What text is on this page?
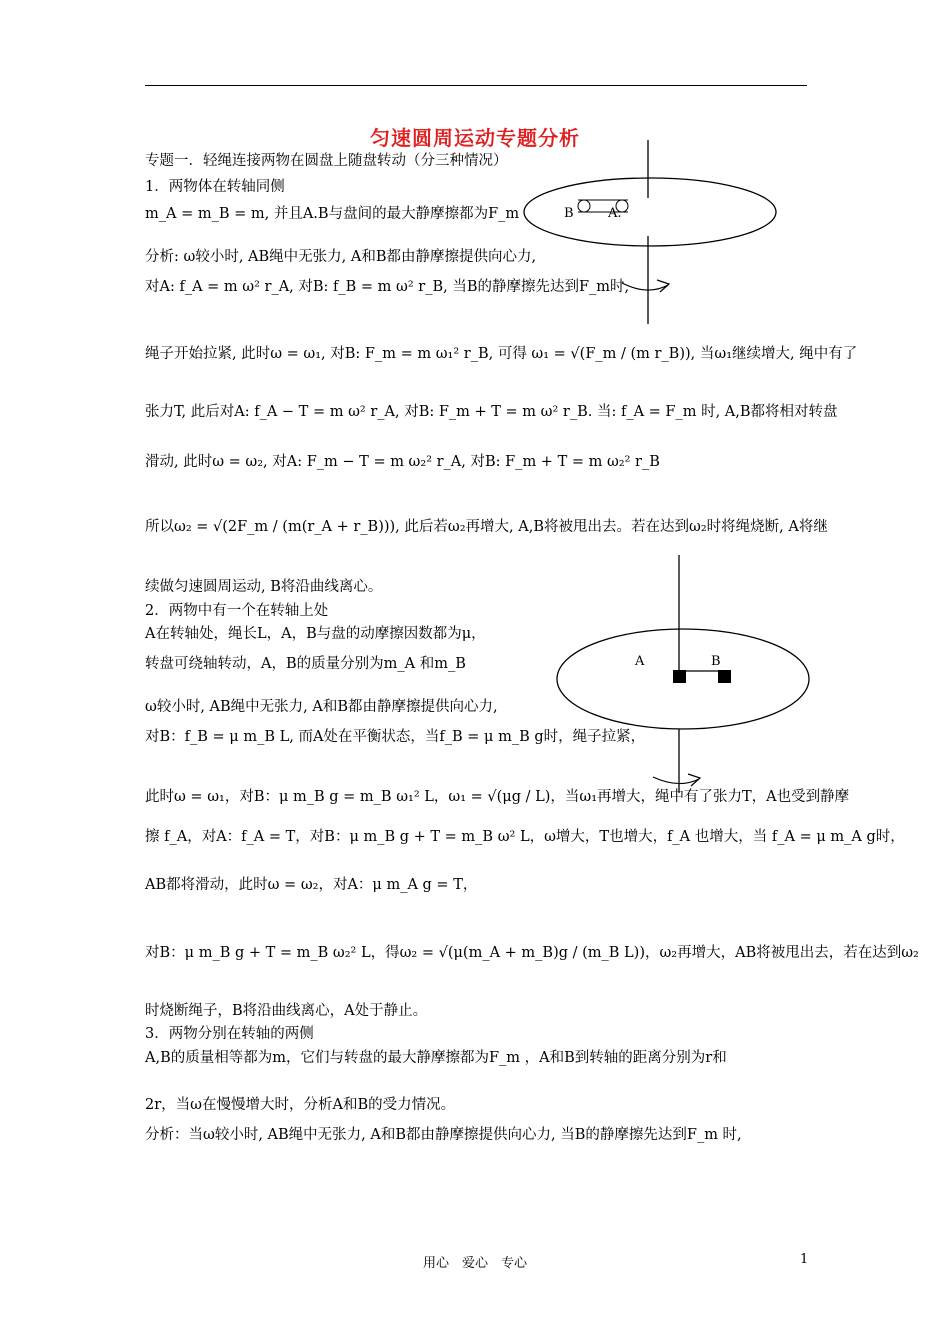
匀速圆周运动专题分析
B	A.
A	B
专题一．轻绳连接两物在圆盘上随盘转动（分三种情况）
1．两物体在转轴同侧
m_A = m_B = m, 并且A.B与盘间的最大静摩擦都为F_m
分析: ω较小时, AB绳中无张力, A和B都由静摩擦提供向心力,
对A: f_A = m ω² r_A, 对B: f_B = m ω² r_B, 当B的静摩擦先达到F_m时,
绳子开始拉紧, 此时ω = ω₁, 对B: F_m = m ω₁² r_B, 可得 ω₁ = √(F_m / (m r_B)), 当ω₁继续增大, 绳中有了
张力T, 此后对A: f_A − T = m ω² r_A, 对B: F_m + T = m ω² r_B. 当: f_A = F_m 时, A,B都将相对转盘
滑动, 此时ω = ω₂, 对A: F_m − T = m ω₂² r_A, 对B: F_m + T = m ω₂² r_B
所以ω₂ = √(2F_m / (m(r_A + r_B))), 此后若ω₂再增大, A,B将被甩出去。若在达到ω₂时将绳烧断, A将继
续做匀速圆周运动, B将沿曲线离心。
2．两物中有一个在转轴上处
A在转轴处，绳长L，A，B与盘的动摩擦因数都为μ，
转盘可绕轴转动，A，B的质量分别为m_A 和m_B
ω较小时, AB绳中无张力, A和B都由静摩擦提供向心力,
对B：f_B = μ m_B L, 而A处在平衡状态，当f_B = μ m_B g时，绳子拉紧，
此时ω = ω₁，对B：μ m_B g = m_B ω₁² L，ω₁ = √(μg / L)，当ω₁再增大，绳中有了张力T，A也受到静摩
擦 f_A，对A：f_A = T，对B：μ m_B g + T = m_B ω² L，ω增大，T也增大，f_A 也增大，当 f_A = μ m_A g时，
AB都将滑动，此时ω = ω₂，对A：μ m_A g = T，
对B：μ m_B g + T = m_B ω₂² L，得ω₂ = √(μ(m_A + m_B)g / (m_B L))，ω₂再增大，AB将被甩出去，若在达到ω₂
时烧断绳子，B将沿曲线离心，A处于静止。
3．两物分别在转轴的两侧
A,B的质量相等都为m，它们与转盘的最大静摩擦都为F_m ，A和B到转轴的距离分别为r和
2r，当ω在慢慢增大时，分析A和B的受力情况。
分析：当ω较小时, AB绳中无张力, A和B都由静摩擦提供向心力, 当B的静摩擦先达到F_m 时,
用心　爱心　专心	1
